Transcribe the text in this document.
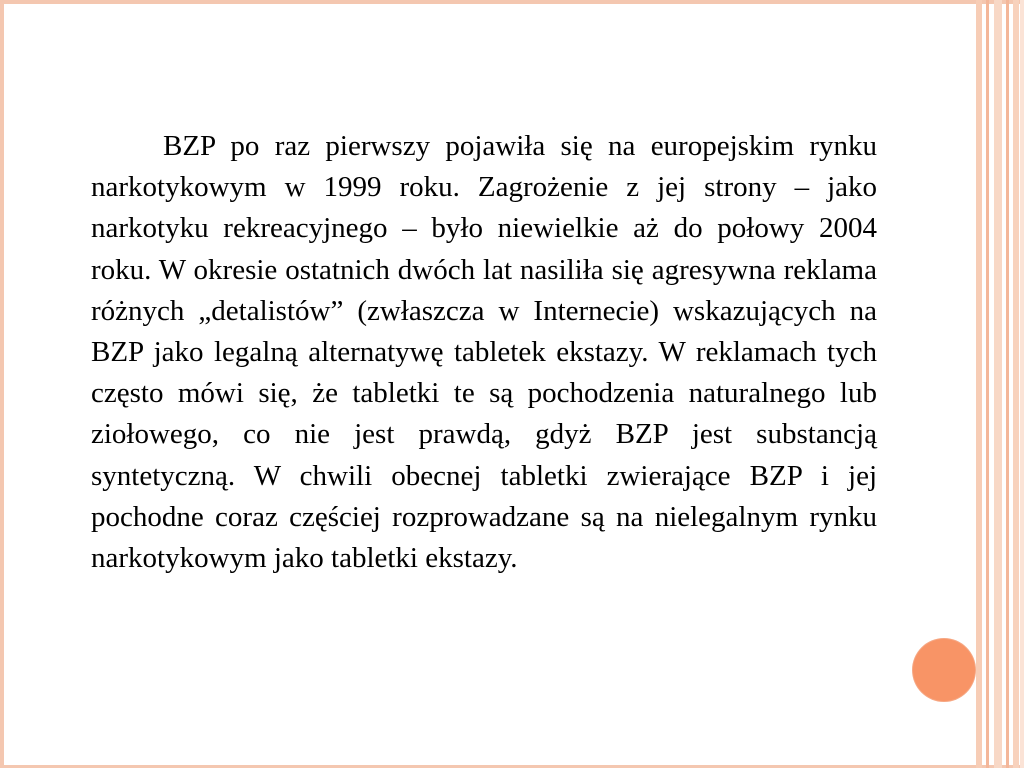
BZP po raz pierwszy pojawiła się na europejskim rynku narkotykowym w 1999 roku. Zagrożenie z jej strony – jako narkotyku rekreacyjnego – było niewielkie aż do połowy 2004 roku. W okresie ostatnich dwóch lat nasiliła się agresywna reklama różnych „detalistów” (zwłaszcza w Internecie) wskazujących na BZP jako legalną alternatywę tabletek ekstazy. W reklamach tych często mówi się, że tabletki te są pochodzenia naturalnego lub ziołowego, co nie jest prawdą, gdyż BZP jest substancją syntetyczną. W chwili obecnej tabletki zwierające BZP i jej pochodne coraz częściej rozprowadzane są na nielegalnym rynku narkotykowym jako tabletki ekstazy.
